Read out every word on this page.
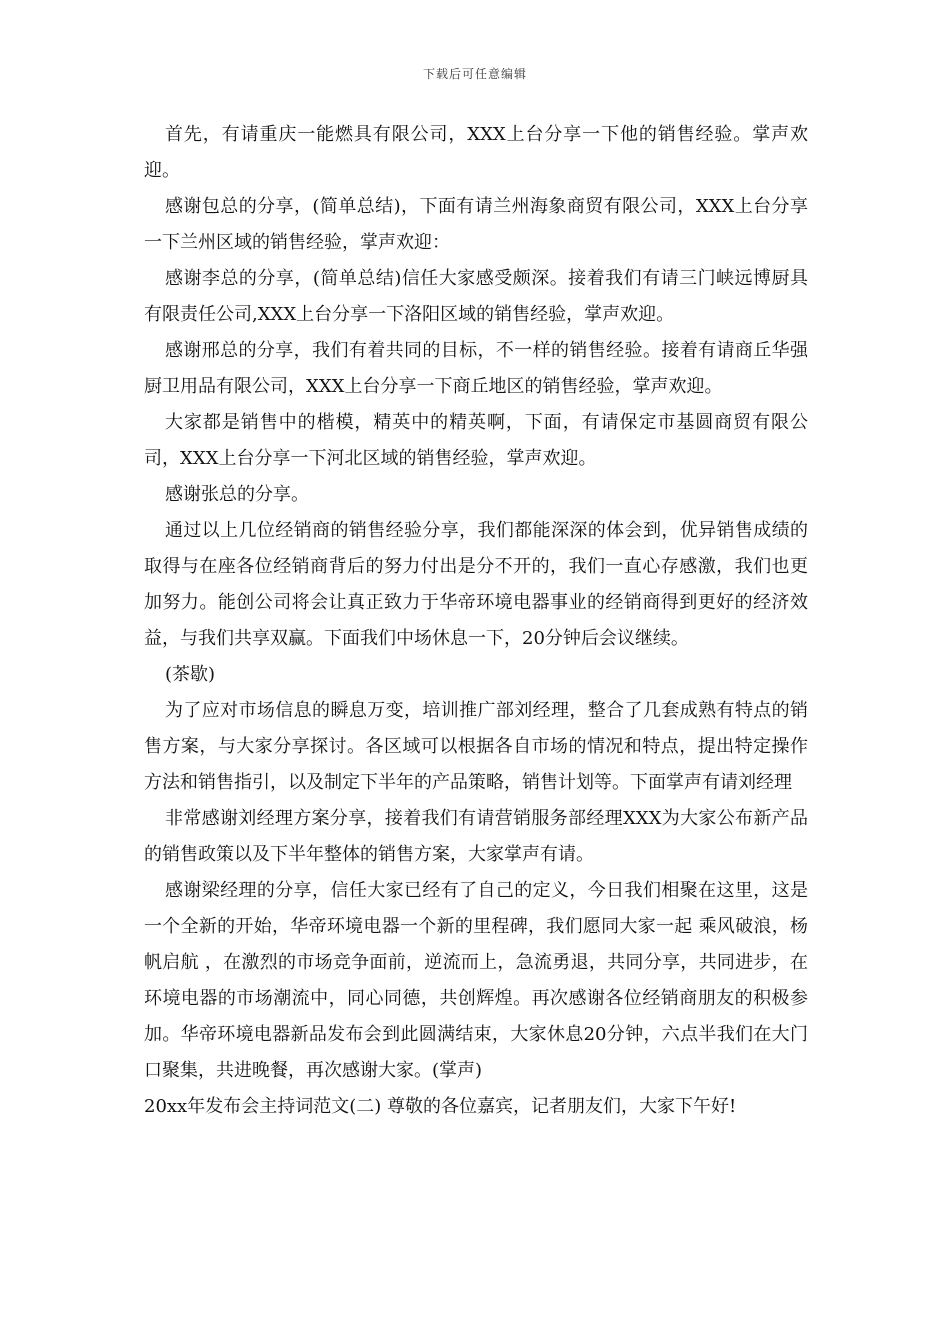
下载后可任意编辑

首先，有请重庆一能燃具有限公司，XXX上台分享一下他的销售经验。掌声欢迎。

感谢包总的分享，(简单总结)，下面有请兰州海象商贸有限公司，XXX上台分享一下兰州区域的销售经验，掌声欢迎：

感谢李总的分享，(简单总结)信任大家感受颇深。接着我们有请三门峡远博厨具有限责任公司,XXX上台分享一下洛阳区域的销售经验，掌声欢迎。

感谢邢总的分享，我们有着共同的目标，不一样的销售经验。接着有请商丘华强厨卫用品有限公司，XXX上台分享一下商丘地区的销售经验，掌声欢迎。

大家都是销售中的楷模，精英中的精英啊，下面，有请保定市基圆商贸有限公司，XXX上台分享一下河北区域的销售经验，掌声欢迎。

感谢张总的分享。

通过以上几位经销商的销售经验分享，我们都能深深的体会到，优异销售成绩的取得与在座各位经销商背后的努力付出是分不开的，我们一直心存感激，我们也更加努力。能创公司将会让真正致力于华帝环境电器事业的经销商得到更好的经济效益，与我们共享双赢。下面我们中场休息一下，20分钟后会议继续。

(茶歇)

为了应对市场信息的瞬息万变，培训推广部刘经理，整合了几套成熟有特点的销售方案，与大家分享探讨。各区域可以根据各自市场的情况和特点，提出特定操作方法和销售指引，以及制定下半年的产品策略，销售计划等。下面掌声有请刘经理

非常感谢刘经理方案分享，接着我们有请营销服务部经理XXX为大家公布新产品的销售政策以及下半年整体的销售方案，大家掌声有请。

感谢梁经理的分享，信任大家已经有了自己的定义，今日我们相聚在这里，这是一个全新的开始，华帝环境电器一个新的里程碑，我们愿同大家一起 乘风破浪，杨帆启航 ，在激烈的市场竞争面前，逆流而上，急流勇退，共同分享，共同进步，在环境电器的市场潮流中，同心同德，共创辉煌。再次感谢各位经销商朋友的积极参加。华帝环境电器新品发布会到此圆满结束，大家休息20分钟，六点半我们在大门口聚集，共进晚餐，再次感谢大家。(掌声)

20xx年发布会主持词范文(二) 尊敬的各位嘉宾，记者朋友们，大家下午好!
